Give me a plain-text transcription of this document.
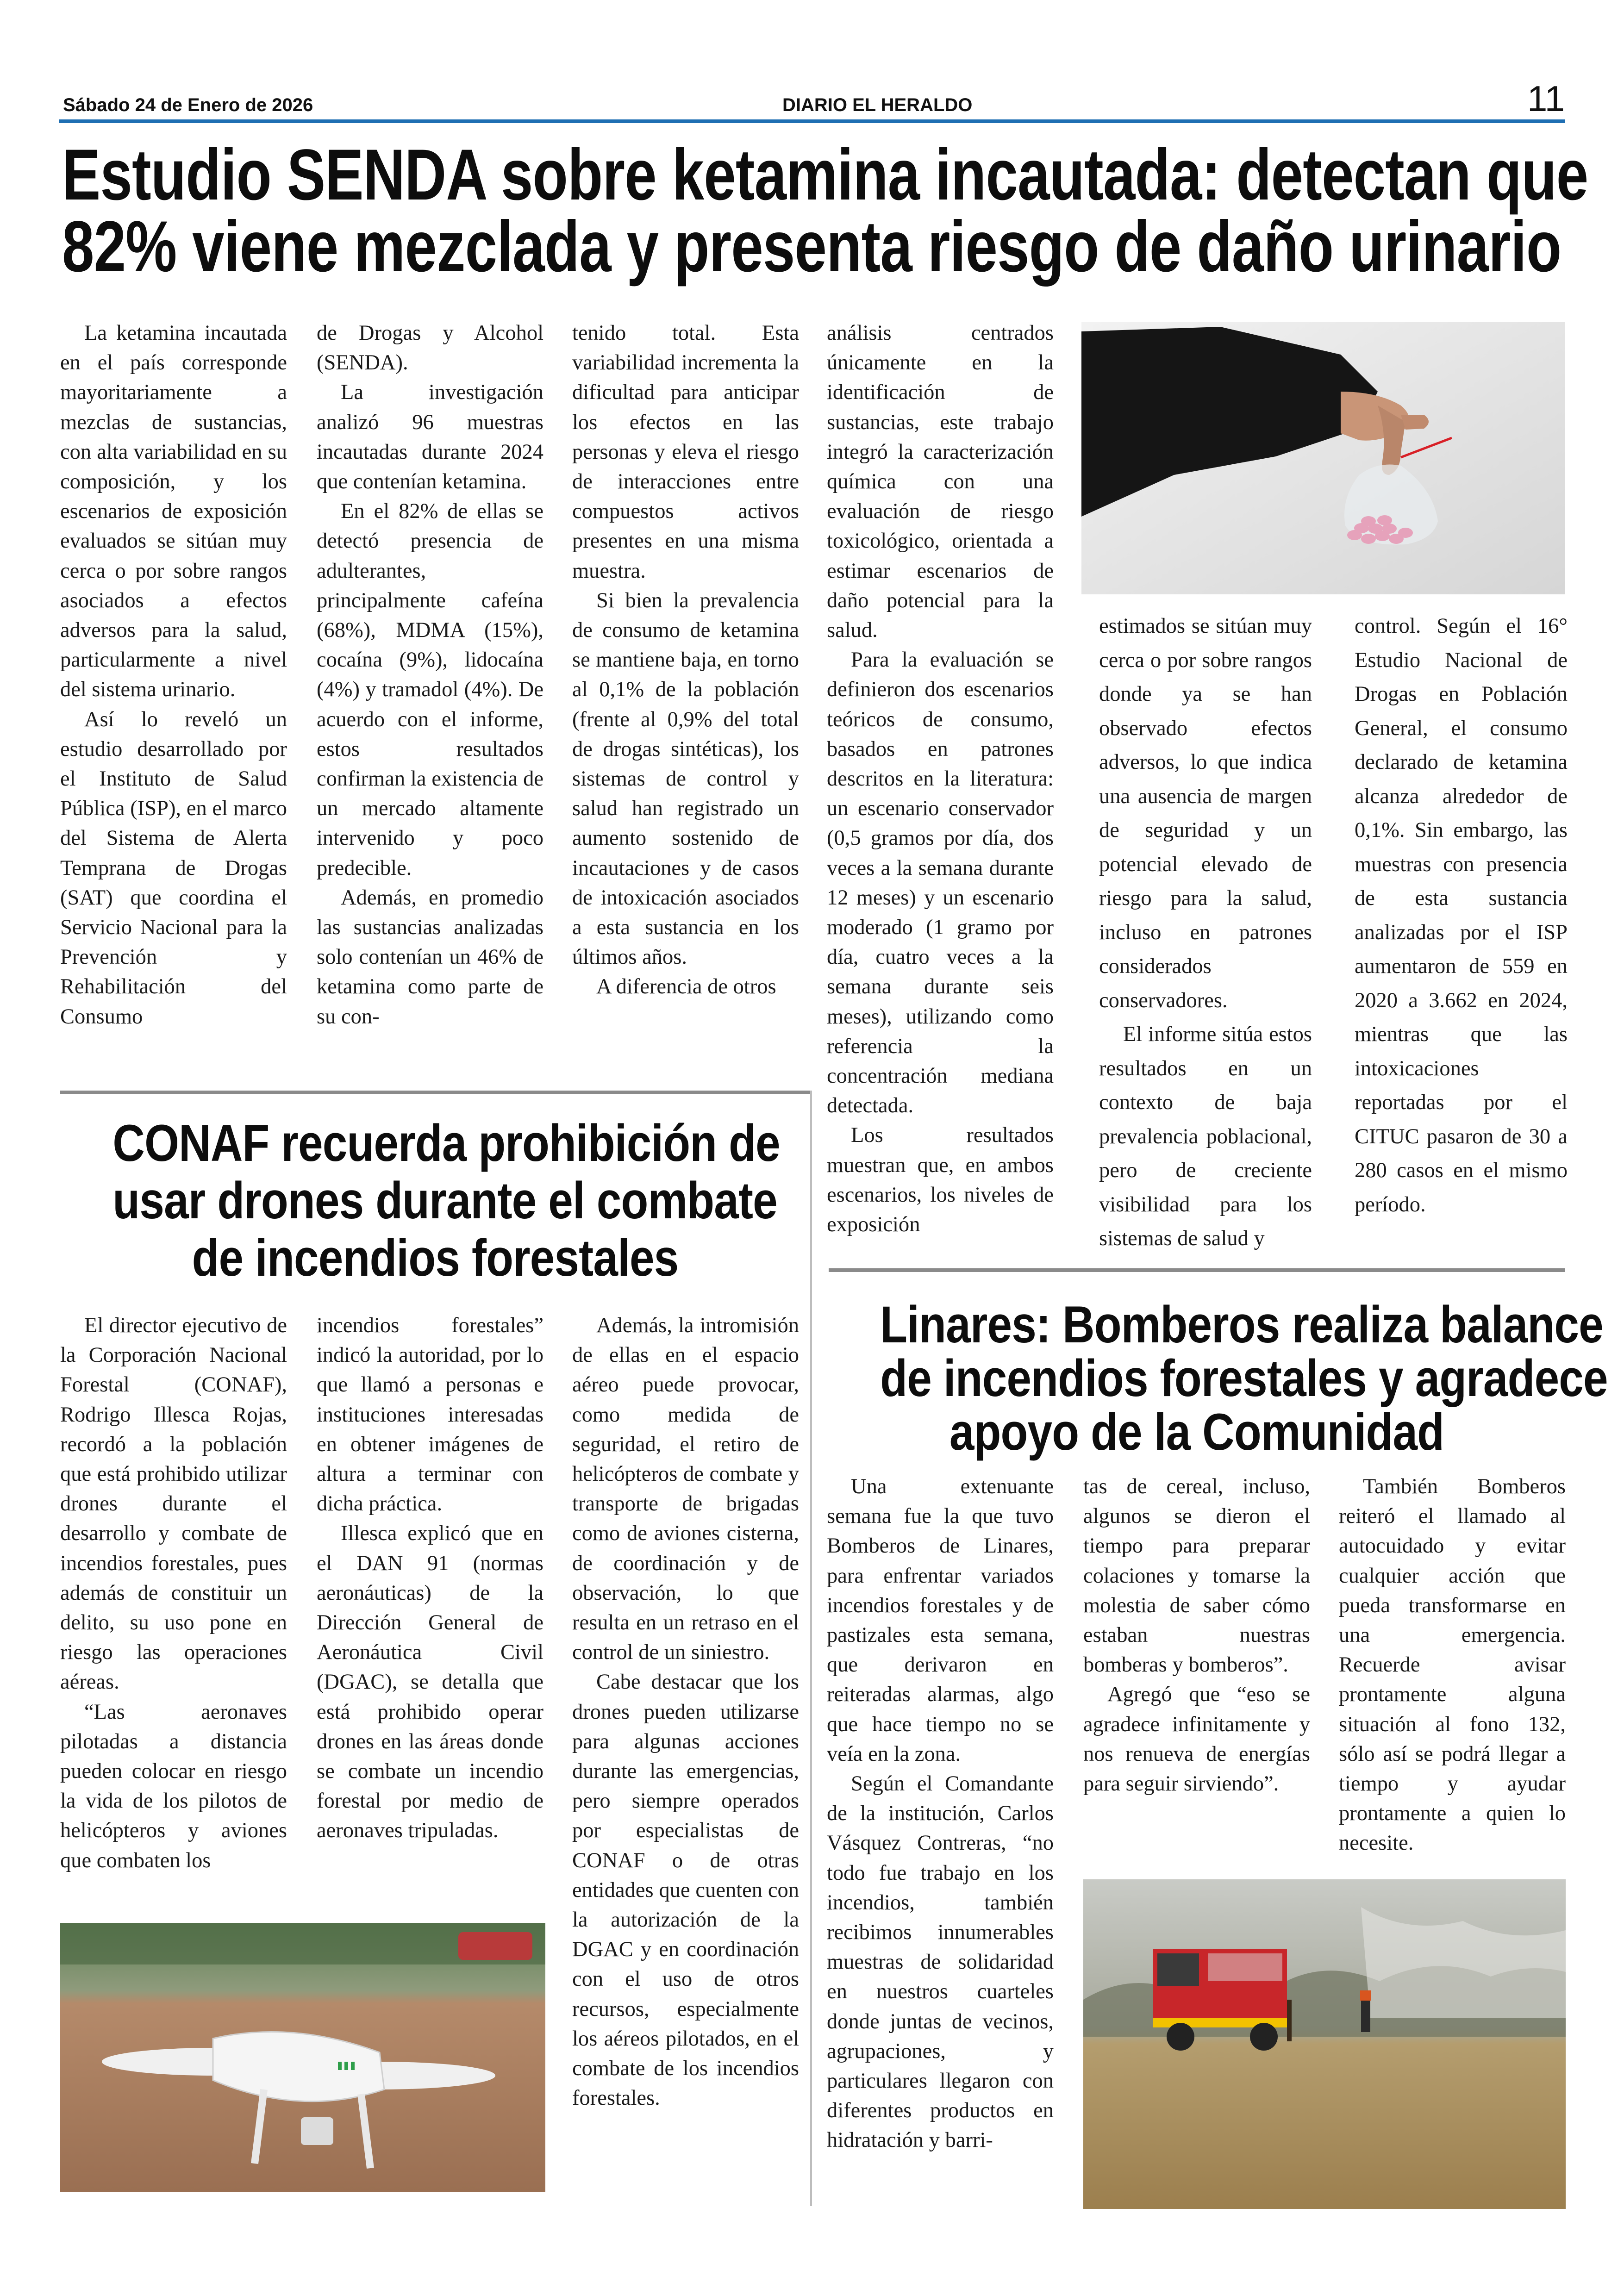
Sábado 24 de Enero de 2026	DIARIO EL HERALDO	11
Estudio SENDA sobre ketamina incautada: detectan que
82% viene mezclada y presenta riesgo de daño urinario

La ketamina incautada en el país corresponde mayoritariamente a mezclas de sustancias, con alta variabilidad en su composición, y los escenarios de exposición evaluados se sitúan muy cerca o por sobre rangos asociados a efectos adversos para la salud, particularmente a nivel del sistema urinario.

Así lo reveló un estudio desarrollado por el Instituto de Salud Pública (ISP), en el marco del Sistema de Alerta Temprana de Drogas (SAT) que coordina el Servicio Nacional para la Prevención y Rehabilitación del Consumo

de Drogas y Alcohol (SENDA).

La investigación analizó 96 muestras incautadas durante 2024 que contenían ketamina.

En el 82% de ellas se detectó presencia de adulterantes, principalmente cafeína (68%), MDMA (15%), cocaína (9%), lidocaína (4%) y tramadol (4%). De acuerdo con el informe, estos resultados confirman la existencia de un mercado altamente intervenido y poco predecible.

Además, en promedio las sustancias analizadas solo contenían un 46% de ketamina como parte de su con-

tenido total. Esta variabilidad incrementa la dificultad para anticipar los efectos en las personas y eleva el riesgo de interacciones entre compuestos activos presentes en una misma muestra.

Si bien la prevalencia de consumo de ketamina se mantiene baja, en torno al 0,1% de la población (frente al 0,9% del total de drogas sintéticas), los sistemas de control y salud han registrado un aumento sostenido de incautaciones y de casos de intoxicación asociados a esta sustancia en los últimos años.

A diferencia de otros

análisis centrados únicamente en la identificación de sustancias, este trabajo integró la caracterización química con una evaluación de riesgo toxicológico, orientada a estimar escenarios de daño potencial para la salud.

Para la evaluación se definieron dos escenarios teóricos de consumo, basados en patrones descritos en la literatura: un escenario conservador (0,5 gramos por día, dos veces a la semana durante 12 meses) y un escenario moderado (1 gramo por día, cuatro veces a la semana durante seis meses), utilizando como referencia la concentración mediana detectada.

Los resultados muestran que, en ambos escenarios, los niveles de exposición

estimados se sitúan muy cerca o por sobre rangos donde ya se han observado efectos adversos, lo que indica una ausencia de margen de seguridad y un potencial elevado de riesgo para la salud, incluso en patrones considerados conservadores.

El informe sitúa estos resultados en un contexto de baja prevalencia poblacional, pero de creciente visibilidad para los sistemas de salud y

control. Según el 16° Estudio Nacional de Drogas en Población General, el consumo declarado de ketamina alcanza alrededor de 0,1%. Sin embargo, las muestras con presencia de esta sustancia analizadas por el ISP aumentaron de 559 en 2020 a 3.662 en 2024, mientras que las intoxicaciones reportadas por el CITUC pasaron de 30 a 280 casos en el mismo período.

CONAF recuerda prohibición de
usar drones durante el combate
de incendios forestales

El director ejecutivo de la Corporación Nacional Forestal (CONAF), Rodrigo Illesca Rojas, recordó a la población que está prohibido utilizar drones durante el desarrollo y combate de incendios forestales, pues además de constituir un delito, su uso pone en riesgo las operaciones aéreas.

“Las aeronaves pilotadas a distancia pueden colocar en riesgo la vida de los pilotos de helicópteros y aviones que combaten los

incendios forestales” indicó la autoridad, por lo que llamó a personas e instituciones interesadas en obtener imágenes de altura a terminar con dicha práctica.

Illesca explicó que en el DAN 91 (normas aeronáuticas) de la Dirección General de Aeronáutica Civil (DGAC), se detalla que está prohibido operar drones en las áreas donde se combate un incendio forestal por medio de aeronaves tripuladas.

Además, la intromisión de ellas en el espacio aéreo puede provocar, como medida de seguridad, el retiro de helicópteros de combate y transporte de brigadas como de aviones cisterna, de coordinación y de observación, lo que resulta en un retraso en el control de un siniestro.

Cabe destacar que los drones pueden utilizarse para algunas acciones durante las emergencias, pero siempre operados por especialistas de CONAF o de otras entidades que cuenten con la autorización de la DGAC y en coordinación con el uso de otros recursos, especialmente los aéreos pilotados, en el combate de los incendios forestales.

Linares: Bomberos realiza balance
de incendios forestales y agradece
apoyo de la Comunidad

Una extenuante semana fue la que tuvo Bomberos de Linares, para enfrentar variados incendios forestales y de pastizales esta semana, que derivaron en reiteradas alarmas, algo que hace tiempo no se veía en la zona.

Según el Comandante de la institución, Carlos Vásquez Contreras, “no todo fue trabajo en los incendios, también recibimos innumerables muestras de solidaridad en nuestros cuarteles donde juntas de vecinos, agrupaciones, y particulares llegaron con diferentes productos en hidratación y barri-

tas de cereal, incluso, algunos se dieron el tiempo para preparar colaciones y tomarse la molestia de saber cómo estaban nuestras bomberas y bomberos”.

Agregó que “eso se agradece infinitamente y nos renueva de energías para seguir sirviendo”.

También Bomberos reiteró el llamado al autocuidado y evitar cualquier acción que pueda transformarse en una emergencia. Recuerde avisar prontamente alguna situación al fono 132, sólo así se podrá llegar a tiempo y ayudar prontamente a quien lo necesite.
